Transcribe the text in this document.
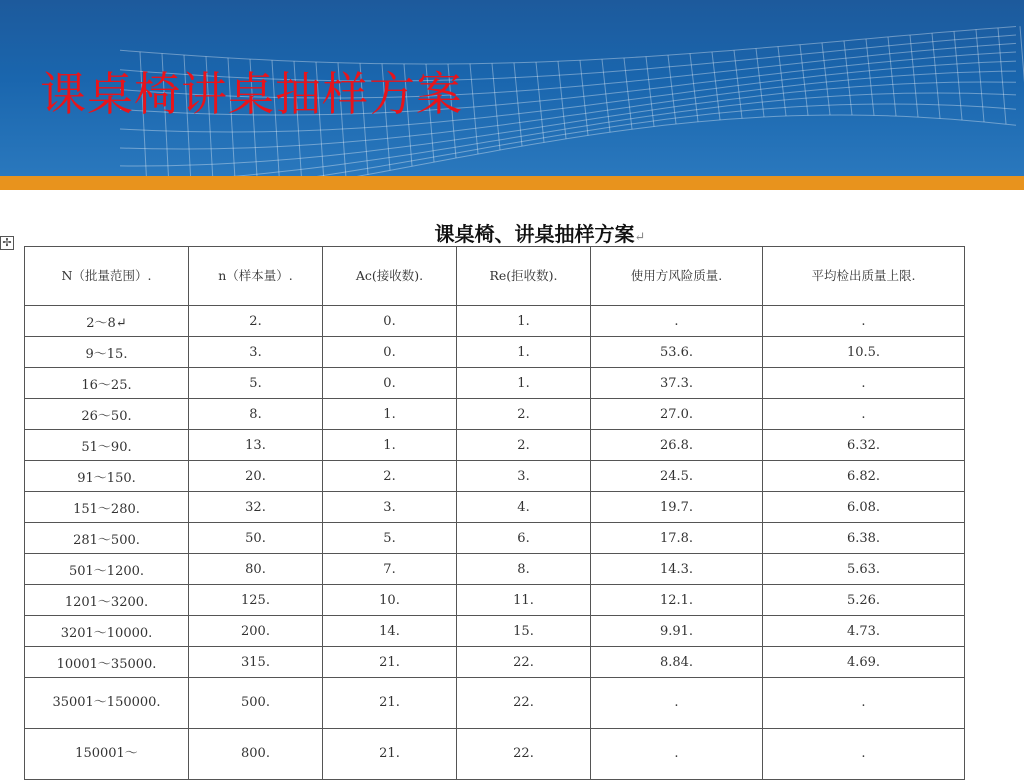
课桌椅讲桌抽样方案
✢	课桌椅、讲桌抽样方案↵
N（批量范围）.	n（样本量）.	Ac(接收数).	Re(拒收数).	使用方风险质量.	平均检出质量上限.
2～8↵	2.	0.	1.	.	.
9～15.	3.	0.	1.	53.6.	10.5.
16～25.	5.	0.	1.	37.3.	.
26～50.	8.	1.	2.	27.0.	.
51～90.	13.	1.	2.	26.8.	6.32.
91～150.	20.	2.	3.	24.5.	6.82.
151～280.	32.	3.	4.	19.7.	6.08.
281～500.	50.	5.	6.	17.8.	6.38.
501～1200.	80.	7.	8.	14.3.	5.63.
1201～3200.	125.	10.	11.	12.1.	5.26.
3201～10000.	200.	14.	15.	9.91.	4.73.
10001～35000.	315.	21.	22.	8.84.	4.69.
35001～150000.	500.	21.	22.	.	.
150001～	800.	21.	22.	.	.
